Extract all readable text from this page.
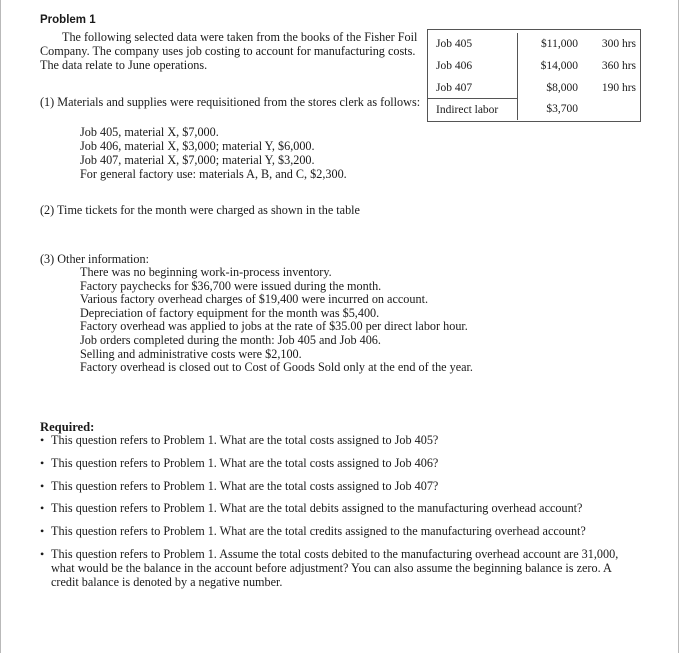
Problem 1
The following selected data were taken from the books of the Fisher Foil Company. The company uses job costing to account for manufacturing costs. The data relate to June operations.
Job 405	$11,000	300 hrs
Job 406	$14,000	360 hrs
Job 407	$8,000	190 hrs
Indirect labor	$3,700
(1) Materials and supplies were requisitioned from the stores clerk as follows:
Job 405, material X, $7,000.
Job 406, material X, $3,000; material Y, $6,000.
Job 407, material X, $7,000; material Y, $3,200.
For general factory use: materials A, B, and C, $2,300.
(2) Time tickets for the month were charged as shown in the table
(3) Other information:
There was no beginning work-in-process inventory.
Factory paychecks for $36,700 were issued during the month.
Various factory overhead charges of $19,400 were incurred on account.
Depreciation of factory equipment for the month was $5,400.
Factory overhead was applied to jobs at the rate of $35.00 per direct labor hour.
Job orders completed during the month: Job 405 and Job 406.
Selling and administrative costs were $2,100.
Factory overhead is closed out to Cost of Goods Sold only at the end of the year.
Required:
• This question refers to Problem 1. What are the total costs assigned to Job 405?
• This question refers to Problem 1. What are the total costs assigned to Job 406?
• This question refers to Problem 1. What are the total costs assigned to Job 407?
• This question refers to Problem 1. What are the total debits assigned to the manufacturing overhead account?
• This question refers to Problem 1. What are the total credits assigned to the manufacturing overhead account?
• This question refers to Problem 1. Assume the total costs debited to the manufacturing overhead account are 31,000, what would be the balance in the account before adjustment? You can also assume the beginning balance is zero. A credit balance is denoted by a negative number.
